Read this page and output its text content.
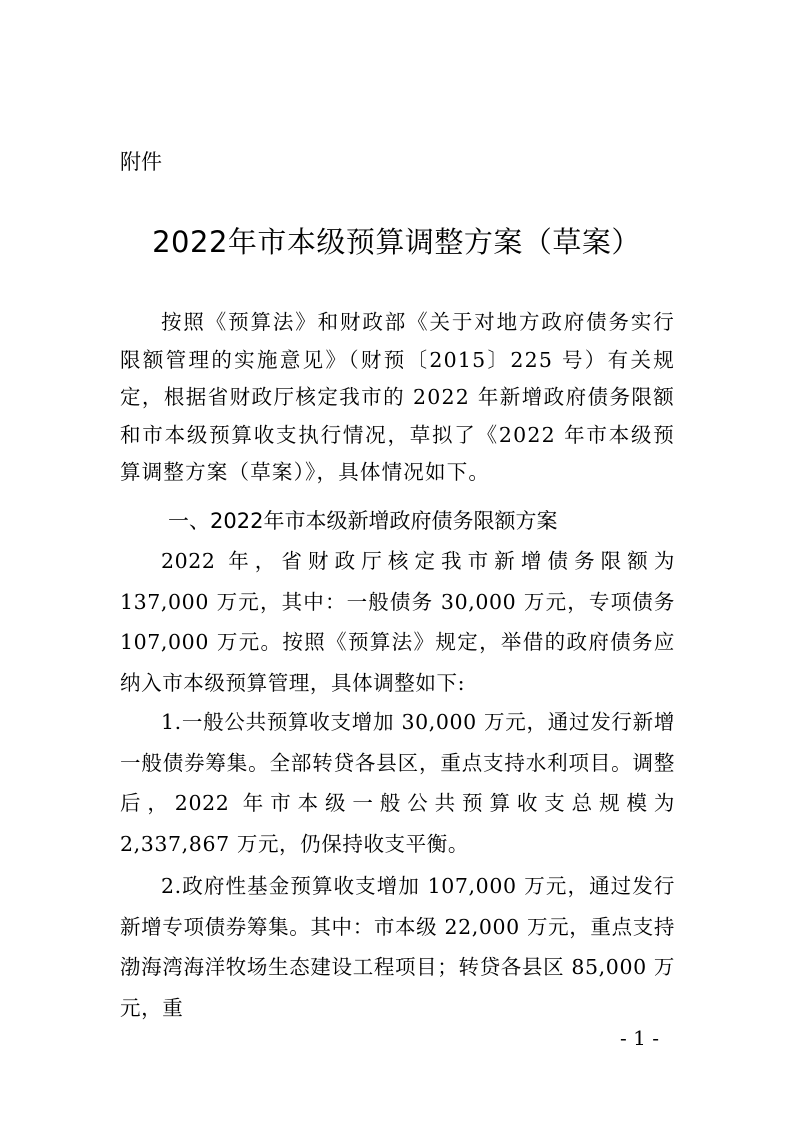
附件
2022年市本级预算调整方案（草案）

按照《预算法》和财政部《关于对地方政府债务实行限额管理的实施意见》（财预〔2015〕225 号）有关规定，根据省财政厅核定我市的 2022 年新增政府债务限额和市本级预算收支执行情况，草拟了《2022 年市本级预算调整方案（草案）》，具体情况如下。

一、2022年市本级新增政府债务限额方案

2022 年，省财政厅核定我市新增债务限额为 137,000 万元，其中：一般债务 30,000 万元，专项债务 107,000 万元。按照《预算法》规定，举借的政府债务应纳入市本级预算管理，具体调整如下:

1.一般公共预算收支增加 30,000 万元，通过发行新增一般债券筹集。全部转贷各县区，重点支持水利项目。调整后，2022 年市本级一般公共预算收支总规模为 2,337,867 万元，仍保持收支平衡。

2.政府性基金预算收支增加 107,000 万元，通过发行新增专项债券筹集。其中：市本级 22,000 万元，重点支持渤海湾海洋牧场生态建设工程项目；转贷各县区 85,000 万元，重

- 1 -
